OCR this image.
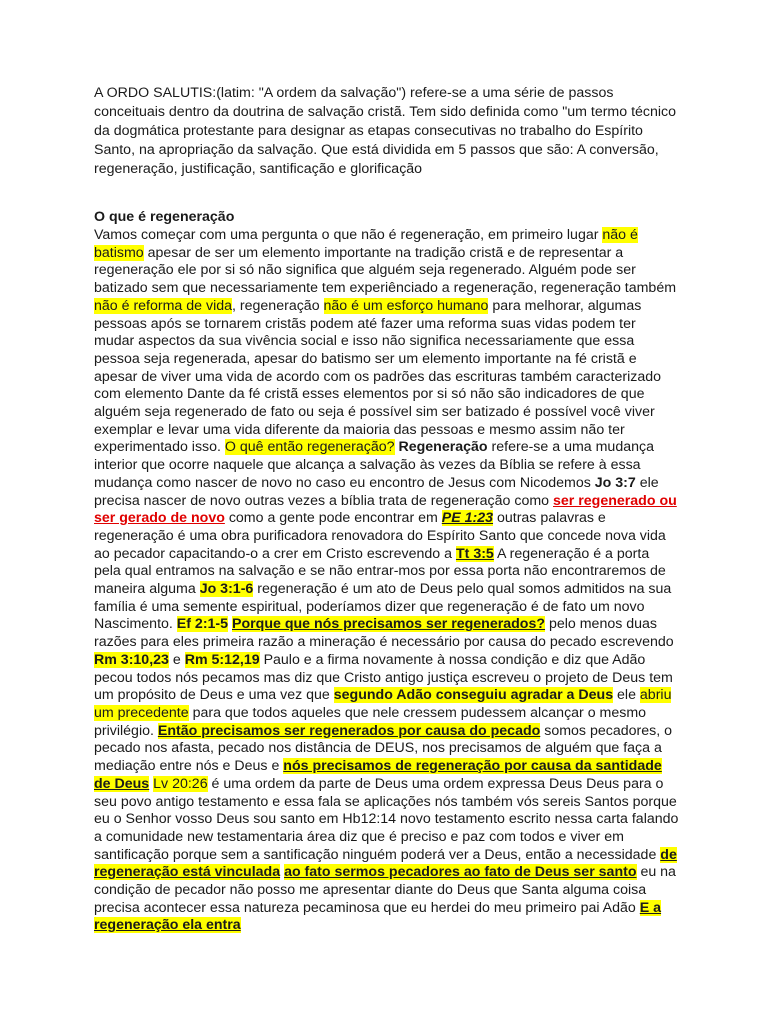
A ORDO SALUTIS:(latim: "A ordem da salvação") refere-se a uma série de passos conceituais dentro da doutrina de salvação cristã. Tem sido definida como "um termo técnico da dogmática protestante para designar as etapas consecutivas no trabalho do Espírito Santo, na apropriação da salvação. Que está dividida em 5 passos que são: A conversão, regeneração, justificação, santificação e glorificação

O que é regeneração

Vamos começar com uma pergunta o que não é regeneração, em primeiro lugar não é batismo apesar de ser um elemento importante na tradição cristã e de representar a regeneração ele por si só não significa que alguém seja regenerado. Alguém pode ser batizado sem que necessariamente tem experiênciado a regeneração, regeneração também não é reforma de vida, regeneração não é um esforço humano para melhorar, algumas pessoas após se tornarem cristãs podem até fazer uma reforma suas vidas podem ter mudar aspectos da sua vivência social e isso não significa necessariamente que essa pessoa seja regenerada, apesar do batismo ser um elemento importante na fé cristã e apesar de viver uma vida de acordo com os padrões das escrituras também caracterizado com elemento Dante da fé cristã esses elementos por si só não são indicadores de que alguém seja regenerado de fato ou seja é possível sim ser batizado é possível você viver exemplar e levar uma vida diferente da maioria das pessoas e mesmo assim não ter experimentado isso. O quê então regeneração? Regeneração refere-se a uma mudança interior que ocorre naquele que alcança a salvação às vezes da Bíblia se refere à essa mudança como nascer de novo no caso eu encontro de Jesus com Nicodemos Jo 3:7 ele precisa nascer de novo outras vezes a bíblia trata de regeneração como ser regenerado ou ser gerado de novo como a gente pode encontrar em PE 1:23 outras palavras e regeneração é uma obra purificadora renovadora do Espírito Santo que concede nova vida ao pecador capacitando-o a crer em Cristo escrevendo a Tt 3:5 A regeneração é a porta pela qual entramos na salvação e se não entrar-mos por essa porta não encontraremos de maneira alguma Jo 3:1-6 regeneração é um ato de Deus pelo qual somos admitidos na sua família é uma semente espiritual, poderíamos dizer que regeneração é de fato um novo Nascimento. Ef 2:1-5 Porque que nós precisamos ser regenerados? pelo menos duas razões para eles primeira razão a mineração é necessário por causa do pecado escrevendo Rm 3:10,23 e Rm 5:12,19 Paulo e a firma novamente à nossa condição e diz que Adão pecou todos nós pecamos mas diz que Cristo antigo justiça escreveu o projeto de Deus tem um propósito de Deus e uma vez que segundo Adão conseguiu agradar a Deus ele abriu um precedente para que todos aqueles que nele cressem pudessem alcançar o mesmo privilégio. Então precisamos ser regenerados por causa do pecado somos pecadores, o pecado nos afasta, pecado nos distância de DEUS, nos precisamos de alguém que faça a mediação entre nós e Deus e nós precisamos de regeneração por causa da santidade de Deus Lv 20:26 é uma ordem da parte de Deus uma ordem expressa Deus Deus para o seu povo antigo testamento e essa fala se aplicações nós também vós sereis Santos porque eu o Senhor vosso Deus sou santo em Hb12:14 novo testamento escrito nessa carta falando a comunidade new testamentaria área diz que é preciso e paz com todos e viver em santificação porque sem a santificação ninguém poderá ver a Deus, então a necessidade de regeneração está vinculada ao fato sermos pecadores ao fato de Deus ser santo eu na condição de pecador não posso me apresentar diante do Deus que Santa alguma coisa precisa acontecer essa natureza pecaminosa que eu herdei do meu primeiro pai Adão E a regeneração ela entra
